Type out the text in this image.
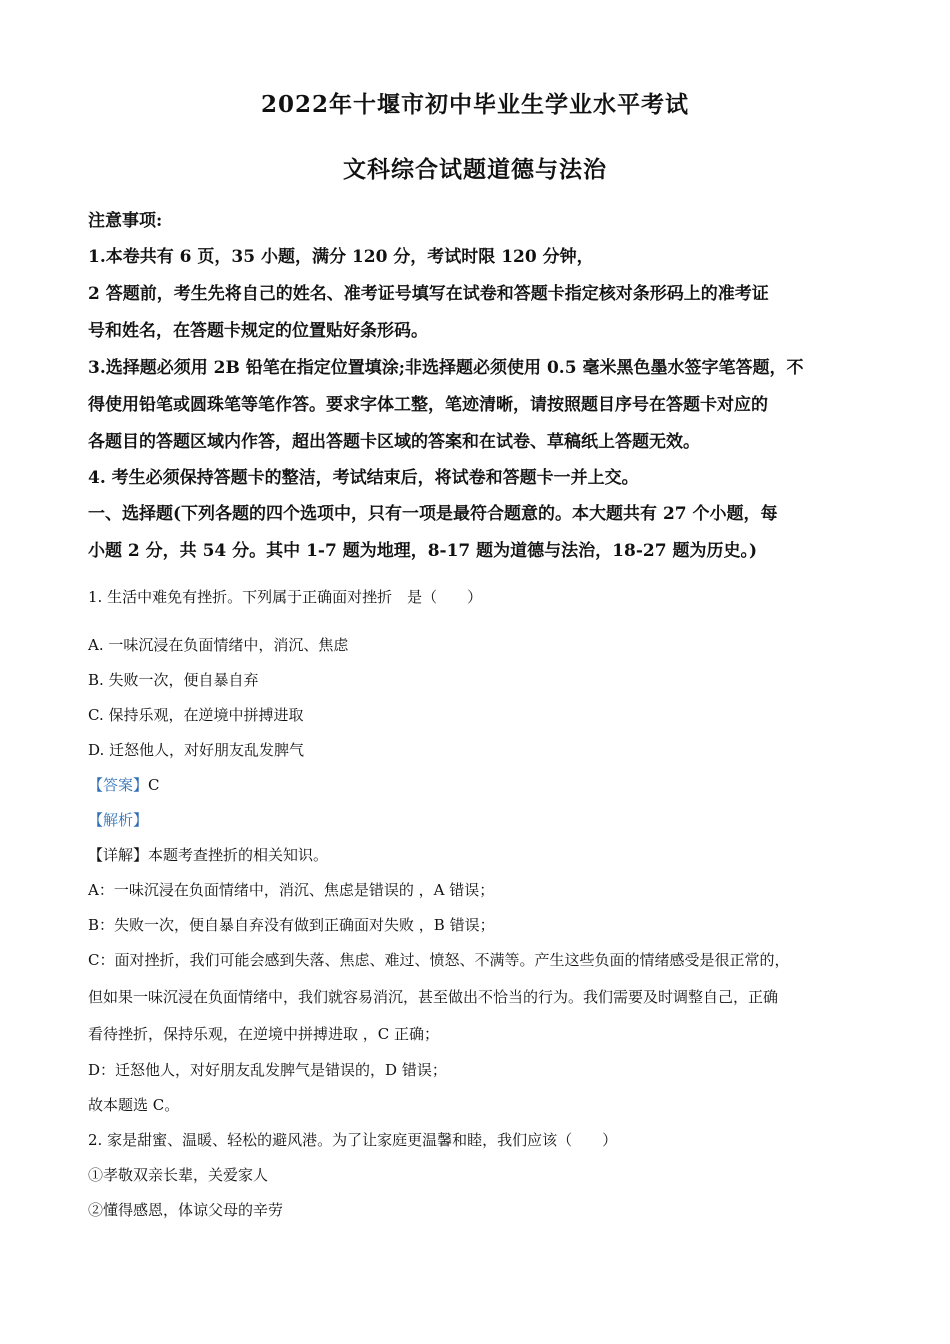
2022年十堰市初中毕业生学业水平考试
文科综合试题道德与法治
注意事项:
1.本卷共有 6 页，35 小题，满分 120 分，考试时限 120 分钟，
2 答题前，考生先将自己的姓名、准考证号填写在试卷和答题卡指定核对条形码上的准考证
号和姓名，在答题卡规定的位置贴好条形码。
3.选择题必须用 2B 铅笔在指定位置填涂;非选择题必须使用 0.5 毫米黑色墨水签字笔答题，不
得使用铅笔或圆珠笔等笔作答。要求字体工整，笔迹清晰，请按照题目序号在答题卡对应的
各题目的答题区域内作答，超出答题卡区域的答案和在试卷、草稿纸上答题无效。
4. 考生必须保持答题卡的整洁，考试结束后，将试卷和答题卡一并上交。
一、选择题(下列各题的四个选项中，只有一项是最符合题意的。本大题共有 27 个小题，每
小题 2 分，共 54 分。其中 1-7 题为地理，8-17 题为道德与法治，18-27 题为历史。)
1. 生活中难免有挫折。下列属于正确面对挫折　是（　　）
A. 一味沉浸在负面情绪中，消沉、焦虑
B. 失败一次，便自暴自弃
C. 保持乐观，在逆境中拼搏进取
D. 迁怒他人，对好朋友乱发脾气
【答案】C
【解析】
【详解】本题考查挫折的相关知识。
A：一味沉浸在负面情绪中，消沉、焦虑是错误的 ，A 错误；
B：失败一次，便自暴自弃没有做到正确面对失败 ，B 错误；
C：面对挫折，我们可能会感到失落、焦虑、难过、愤怒、不满等。产生这些负面的情绪感受是很正常的，
但如果一味沉浸在负面情绪中，我们就容易消沉，甚至做出不恰当的行为。我们需要及时调整自己，正确
看待挫折，保持乐观，在逆境中拼搏进取 ，C 正确；
D：迁怒他人，对好朋友乱发脾气是错误的，D 错误；
故本题选 C。
2. 家是甜蜜、温暖、轻松的避风港。为了让家庭更温馨和睦，我们应该（　　）
①孝敬双亲长辈，关爱家人
②懂得感恩，体谅父母的辛劳
